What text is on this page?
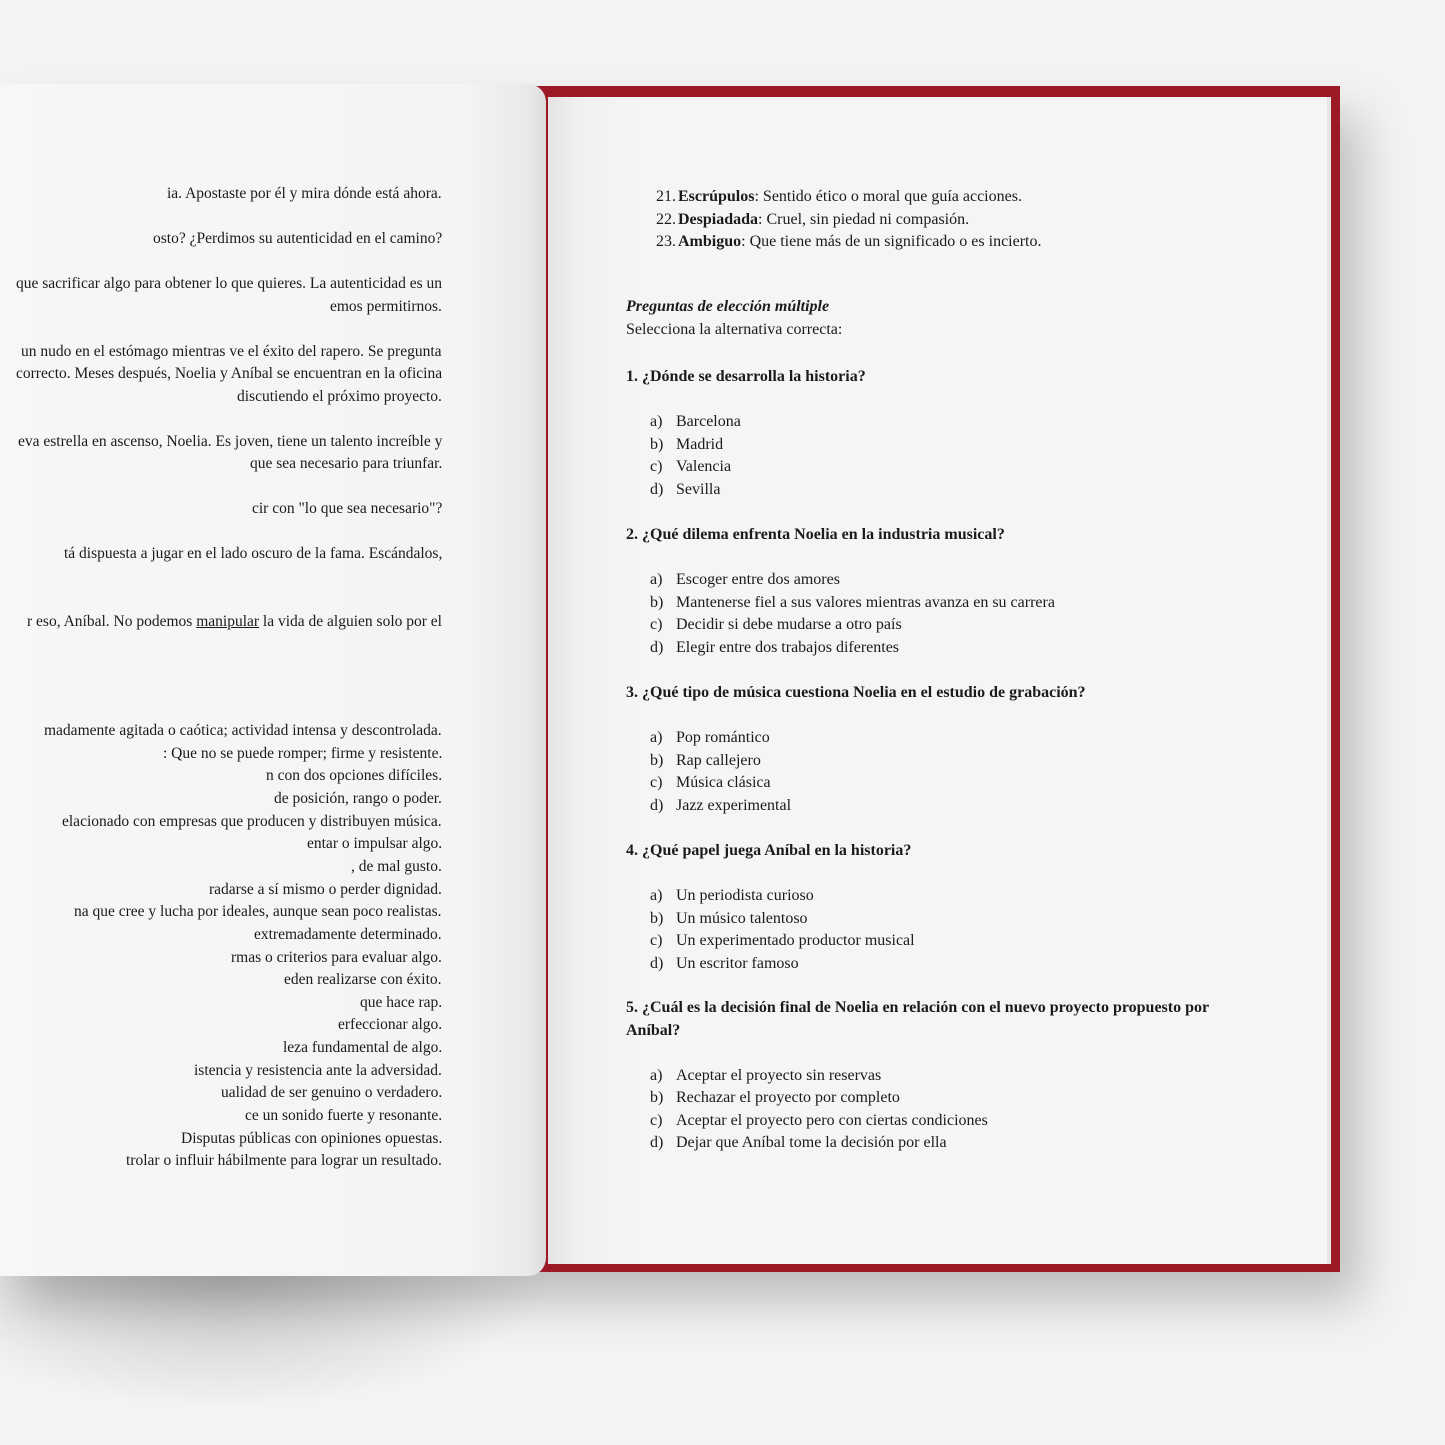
ia. Apostaste por él y mira dónde está ahora.
osto? ¿Perdimos su autenticidad en el camino?
que sacrificar algo para obtener lo que quieres. La autenticidad es un
emos permitirnos.
un nudo en el estómago mientras ve el éxito del rapero. Se pregunta
correcto. Meses después, Noelia y Aníbal se encuentran en la oficina
discutiendo el próximo proyecto.
eva estrella en ascenso, Noelia. Es joven, tiene un talento increíble y
que sea necesario para triunfar.
cir con "lo que sea necesario"?
tá dispuesta a jugar en el lado oscuro de la fama. Escándalos,
r eso, Aníbal. No podemos manipular la vida de alguien solo por el
madamente agitada o caótica; actividad intensa y descontrolada.
: Que no se puede romper; firme y resistente.
n con dos opciones difíciles.
de posición, rango o poder.
elacionado con empresas que producen y distribuyen música.
entar o impulsar algo.
, de mal gusto.
radarse a sí mismo o perder dignidad.
na que cree y lucha por ideales, aunque sean poco realistas.
extremadamente determinado.
rmas o criterios para evaluar algo.
eden realizarse con éxito.
que hace rap.
erfeccionar algo.
leza fundamental de algo.
istencia y resistencia ante la adversidad.
ualidad de ser genuino o verdadero.
ce un sonido fuerte y resonante.
Disputas públicas con opiniones opuestas.
trolar o influir hábilmente para lograr un resultado.
21. Escrúpulos: Sentido ético o moral que guía acciones.
22. Despiadada: Cruel, sin piedad ni compasión.
23. Ambiguo: Que tiene más de un significado o es incierto.
Preguntas de elección múltiple
Selecciona la alternativa correcta:
1. ¿Dónde se desarrolla la historia?
a) Barcelona
b) Madrid
c) Valencia
d) Sevilla
2. ¿Qué dilema enfrenta Noelia en la industria musical?
a) Escoger entre dos amores
b) Mantenerse fiel a sus valores mientras avanza en su carrera
c) Decidir si debe mudarse a otro país
d) Elegir entre dos trabajos diferentes
3. ¿Qué tipo de música cuestiona Noelia en el estudio de grabación?
a) Pop romántico
b) Rap callejero
c) Música clásica
d) Jazz experimental
4. ¿Qué papel juega Aníbal en la historia?
a) Un periodista curioso
b) Un músico talentoso
c) Un experimentado productor musical
d) Un escritor famoso
5. ¿Cuál es la decisión final de Noelia en relación con el nuevo proyecto propuesto por Aníbal?
a) Aceptar el proyecto sin reservas
b) Rechazar el proyecto por completo
c) Aceptar el proyecto pero con ciertas condiciones
d) Dejar que Aníbal tome la decisión por ella
